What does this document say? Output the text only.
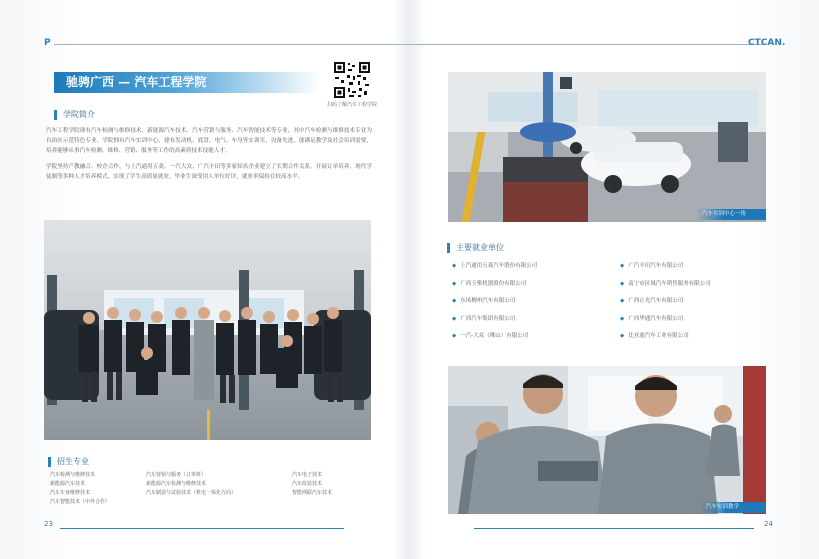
P	CTCAN.
驰骋广西 — 汽车工程学院
扫码了解汽车工程学院
学院简介
汽车工程学院现有汽车检测与维修技术、新能源汽车技术、汽车营销与服务、汽车智能技术等专业，其中汽车检测与维修技术专业为自治区示范特色专业。学院拥有汽车实训中心，建有发动机、底盘、电气、车身等实训室，设备先进，能满足教学及社会培训需要，培养能够从事汽车检测、维修、营销、服务等工作的高素质技术技能人才。
学院坚持产教融合、校企合作，与上汽通用五菱、一汽大众、广汽丰田等多家知名企业建立了长期合作关系，开展订单培养、现代学徒制等多种人才培养模式，实现了学生高质量就业，毕业生深受用人单位好评，就业率保持在较高水平。
招生专业
汽车检测与维修技术	汽车营销与服务（订单班）	汽车电子技术
新能源汽车技术	新能源汽车检测与维修技术	汽车改装技术
汽车车身维修技术	汽车制造与试验技术（机电一体化方向）	智能网联汽车技术
汽车智能技术（中外合作）
23
汽车实训中心一角
主要就业单位
◆ 上汽通用五菱汽车股份有限公司
◆ 广西玉柴机器股份有限公司
◆ 东风柳州汽车有限公司
◆ 广西汽车集团有限公司
◆ 一汽-大众（佛山）有限公司
◆ 广汽丰田汽车有限公司
◆ 南宁市区域汽车销售服务有限公司
◆ 广西正光汽车有限公司
◆ 广西华通汽车有限公司
◆ 比亚迪汽车工业有限公司
汽车实训教学
24
